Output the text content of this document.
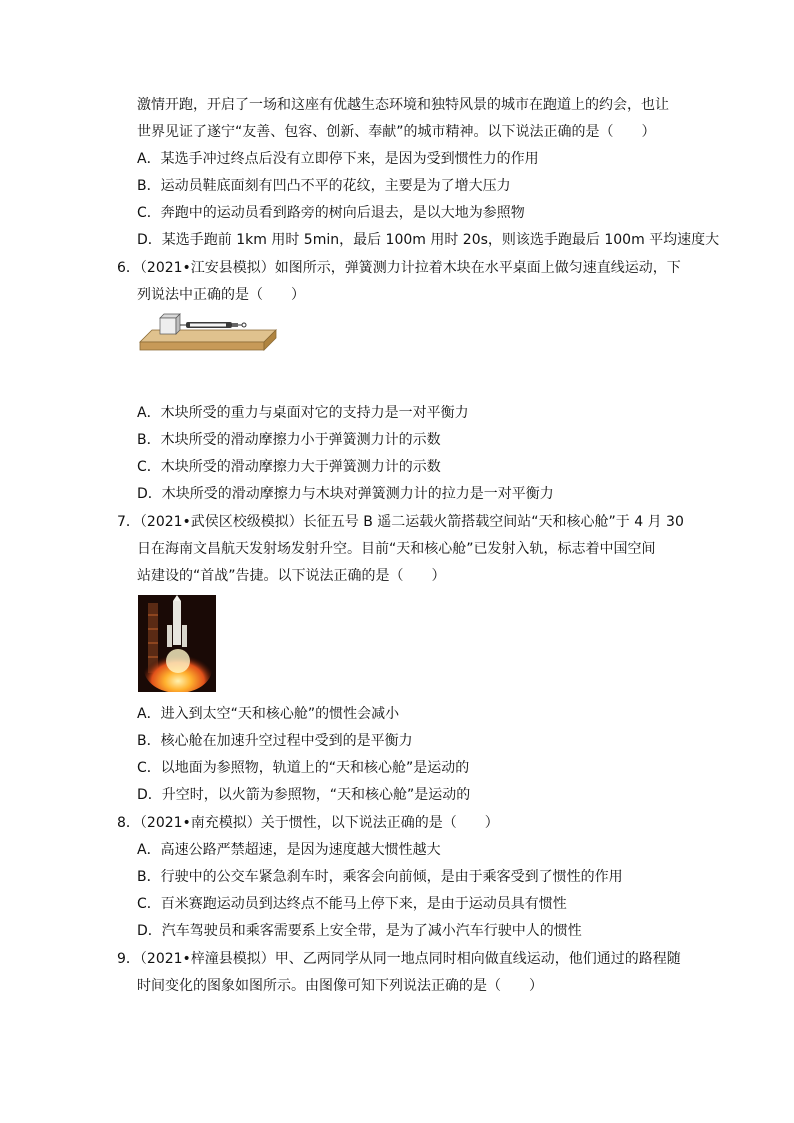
激情开跑，开启了一场和这座有优越生态环境和独特风景的城市在跑道上的约会，也让
世界见证了遂宁“友善、包容、创新、奉献”的城市精神。以下说法正确的是（　　）
A．某选手冲过终点后没有立即停下来，是因为受到惯性力的作用
B．运动员鞋底面刻有凹凸不平的花纹，主要是为了增大压力
C．奔跑中的运动员看到路旁的树向后退去，是以大地为参照物
D．某选手跑前 1km 用时 5min，最后 100m 用时 20s，则该选手跑最后 100m 平均速度大
6．（2021•江安县模拟）如图所示，弹簧测力计拉着木块在水平桌面上做匀速直线运动，下
列说法中正确的是（　　）
A．木块所受的重力与桌面对它的支持力是一对平衡力
B．木块所受的滑动摩擦力小于弹簧测力计的示数
C．木块所受的滑动摩擦力大于弹簧测力计的示数
D．木块所受的滑动摩擦力与木块对弹簧测力计的拉力是一对平衡力
7．（2021•武侯区校级模拟）长征五号 B 遥二运载火箭搭载空间站“天和核心舱”于 4 月 30
日在海南文昌航天发射场发射升空。目前“天和核心舱”已发射入轨，标志着中国空间
站建设的“首战”告捷。以下说法正确的是（　　）
A．进入到太空“天和核心舱”的惯性会减小
B．核心舱在加速升空过程中受到的是平衡力
C．以地面为参照物，轨道上的“天和核心舱”是运动的
D．升空时，以火箭为参照物，“天和核心舱”是运动的
8．（2021•南充模拟）关于惯性，以下说法正确的是（　　）
A．高速公路严禁超速，是因为速度越大惯性越大
B．行驶中的公交车紧急刹车时，乘客会向前倾，是由于乘客受到了惯性的作用
C．百米赛跑运动员到达终点不能马上停下来，是由于运动员具有惯性
D．汽车驾驶员和乘客需要系上安全带，是为了减小汽车行驶中人的惯性
9．（2021•梓潼县模拟）甲、乙两同学从同一地点同时相向做直线运动，他们通过的路程随
时间变化的图象如图所示。由图像可知下列说法正确的是（　　）
